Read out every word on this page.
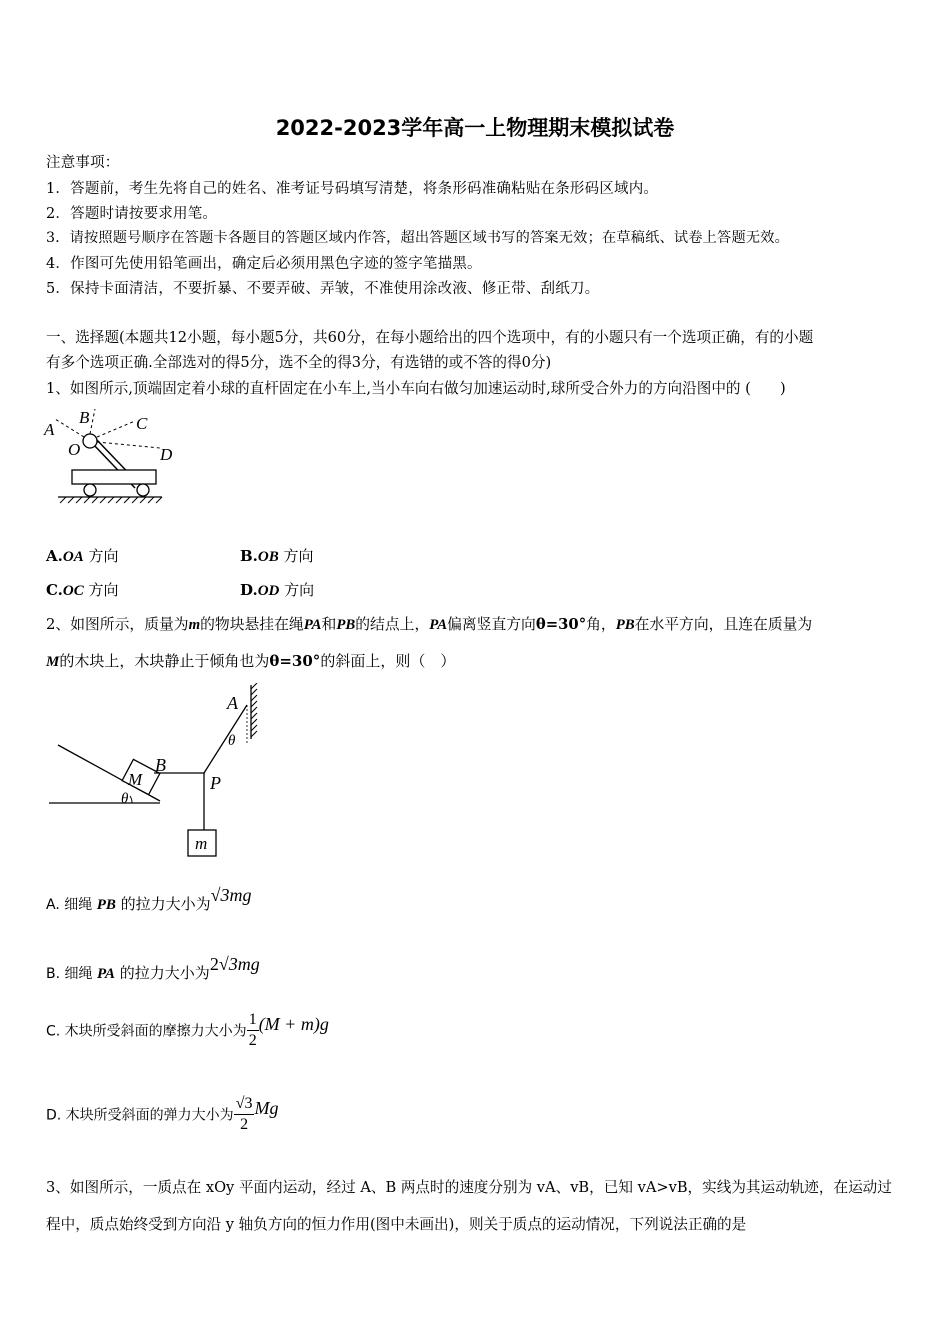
2022-2023学年高一上物理期末模拟试卷
注意事项：
1．答题前，考生先将自己的姓名、准考证号码填写清楚，将条形码准确粘贴在条形码区域内。
2．答题时请按要求用笔。
3．请按照题号顺序在答题卡各题目的答题区域内作答，超出答题区域书写的答案无效；在草稿纸、试卷上答题无效。
4．作图可先使用铅笔画出，确定后必须用黑色字迹的签字笔描黑。
5．保持卡面清洁，不要折暴、不要弄破、弄皱，不准使用涂改液、修正带、刮纸刀。
一、选择题(本题共12小题，每小题5分，共60分，在每小题给出的四个选项中，有的小题只有一个选项正确，有的小题
有多个选项正确.全部选对的得5分，选不全的得3分，有选错的或不答的得0分)
1、如图所示,顶端固定着小球的直杆固定在小车上,当小车向右做匀加速运动时,球所受合外力的方向沿图中的 (　　)
A
B	C
O	D
A.OA 方向	B.OB 方向
C.OC 方向	D.OD 方向
2、如图所示，质量为m的物块悬挂在绳PA和PB的结点上，PA偏离竖直方向θ=30°角，PB在水平方向，且连在质量为
M的木块上，木块静止于倾角也为θ=30°的斜面上，则（　）
A
θ
M
B
P
θ
m
A. 细绳 PB 的拉力大小为√3mg
B. 细绳 PA 的拉力大小为2√3mg
C. 木块所受斜面的摩擦力大小为 $\frac{1}{2} (M + m)g$
D. 木块所受斜面的弹力大小为 $\frac{√3}{2}$ Mg
3、如图所示，一质点在 xOy 平面内运动，经过 A、B 两点时的速度分别为 vA、vB，已知 vA>vB，实线为其运动轨迹，在运动过
程中，质点始终受到方向沿 y 轴负方向的恒力作用(图中未画出)，则关于质点的运动情况，下列说法正确的是
